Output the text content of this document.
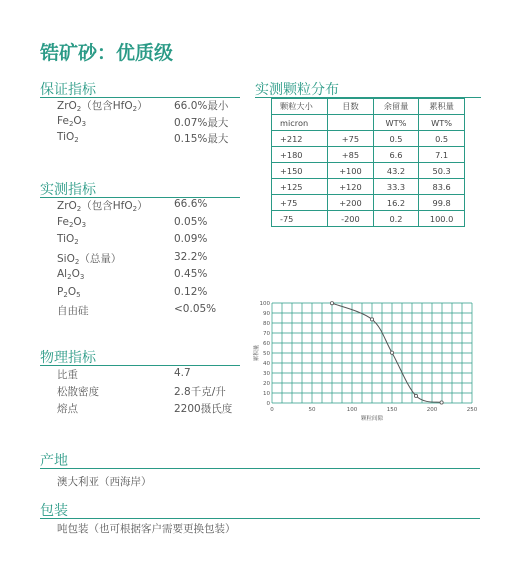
锆矿砂：优质级
保证指标
ZrO$_2$（包含HfO$_2$）	66.0%最小
$Fe_2O_3$	0.07%最大
TiO$_2$	0.15%最大
实测指标
ZrO$_2$（包含HfO$_2$）	66.6%
$Fe_2O_3$	0.05%
TiO$_2$	0.09%
SiO$_2$（总量）	32.2%
$Al_2O_3$	0.45%
$P_2O_5$	0.12%
自由硅	<0.05%
物理指标
比重	4.7
松散密度	2.8千克/升
熔点	2200摄氏度
产地
澳大利亚（西海岸）
包装
吨包装（也可根据客户需要更换包装）
实测颗粒分布
颗粒大小	目数	余留量	累积量
micron		WT%	WT%
+212	+75	0.5	0.5
+180	+85	6.6	7.1
+150	+100	43.2	50.3
+125	+120	33.3	83.6
+75	+200	16.2	99.8
-75	-200	0.2	100.0
0
10
20
30
40
50
60
70
80
90
100
0	50	100	150	200	250
颗粒间隙
累积量
